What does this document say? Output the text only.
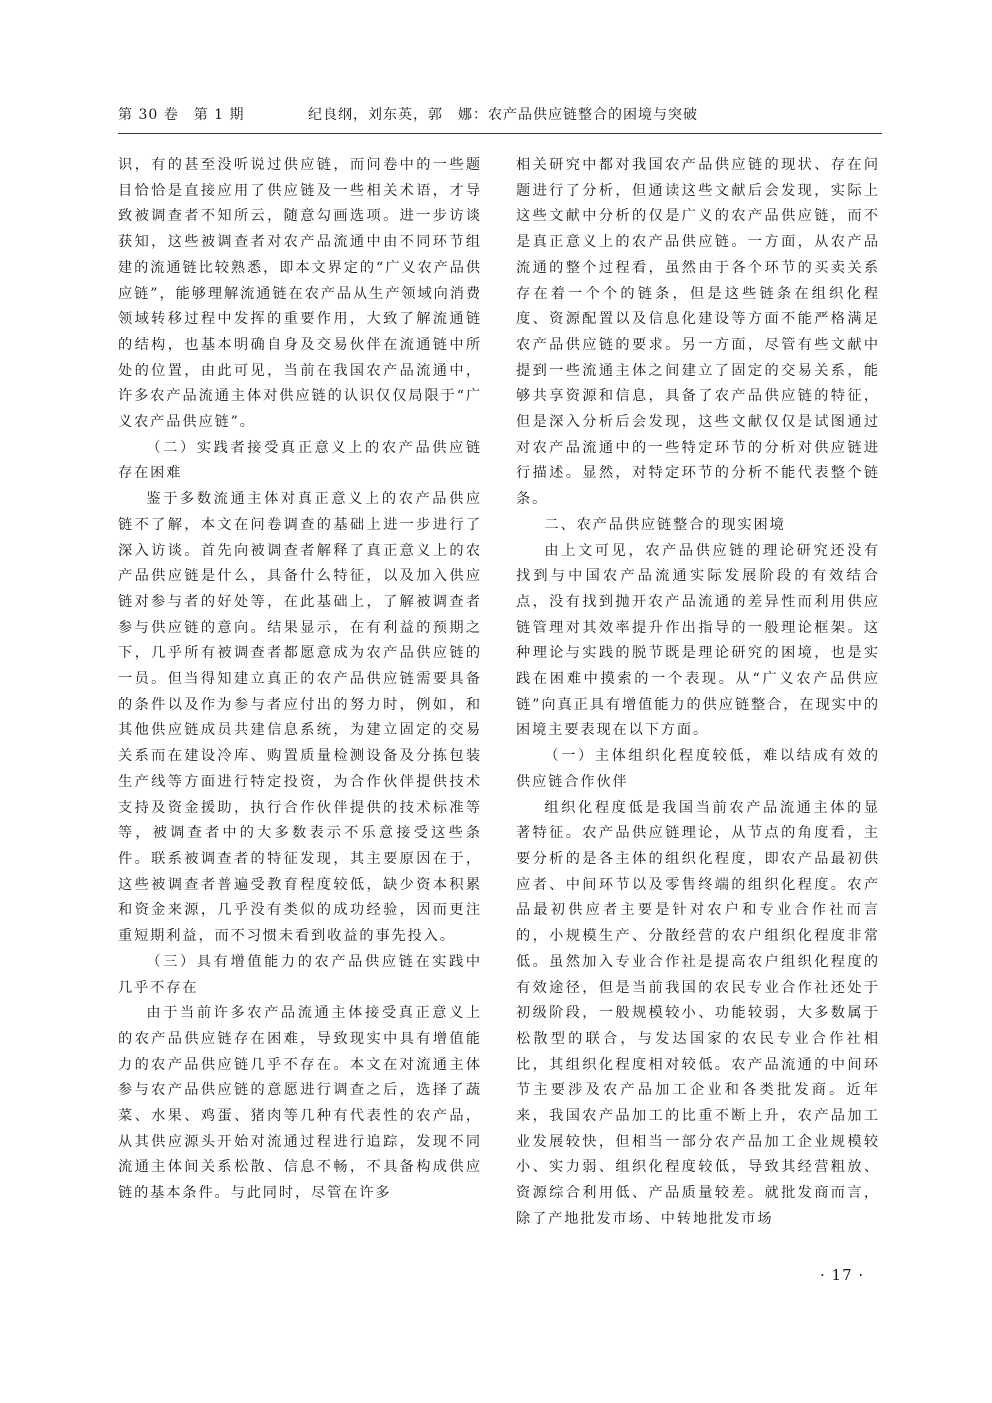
第 30 卷　第 1 期	纪良纲，刘东英，郭　娜：农产品供应链整合的困境与突破

识，有的甚至没听说过供应链，而问卷中的一些题目恰恰是直接应用了供应链及一些相关术语，才导致被调查者不知所云，随意勾画选项。进一步访谈获知，这些被调查者对农产品流通中由不同环节组建的流通链比较熟悉，即本文界定的“广义农产品供应链”，能够理解流通链在农产品从生产领域向消费领域转移过程中发挥的重要作用，大致了解流通链的结构，也基本明确自身及交易伙伴在流通链中所处的位置，由此可见，当前在我国农产品流通中，许多农产品流通主体对供应链的认识仅仅局限于“广义农产品供应链”。

（二）实践者接受真正意义上的农产品供应链存在困难

鉴于多数流通主体对真正意义上的农产品供应链不了解，本文在问卷调查的基础上进一步进行了深入访谈。首先向被调查者解释了真正意义上的农产品供应链是什么，具备什么特征，以及加入供应链对参与者的好处等，在此基础上，了解被调查者参与供应链的意向。结果显示，在有利益的预期之下，几乎所有被调查者都愿意成为农产品供应链的一员。但当得知建立真正的农产品供应链需要具备的条件以及作为参与者应付出的努力时，例如，和其他供应链成员共建信息系统，为建立固定的交易关系而在建设冷库、购置质量检测设备及分拣包装生产线等方面进行特定投资，为合作伙伴提供技术支持及资金援助，执行合作伙伴提供的技术标准等等，被调查者中的大多数表示不乐意接受这些条件。联系被调查者的特征发现，其主要原因在于，这些被调查者普遍受教育程度较低，缺少资本积累和资金来源，几乎没有类似的成功经验，因而更注重短期利益，而不习惯未看到收益的事先投入。

（三）具有增值能力的农产品供应链在实践中几乎不存在

由于当前许多农产品流通主体接受真正意义上的农产品供应链存在困难，导致现实中具有增值能力的农产品供应链几乎不存在。本文在对流通主体参与农产品供应链的意愿进行调查之后，选择了蔬菜、水果、鸡蛋、猪肉等几种有代表性的农产品，从其供应源头开始对流通过程进行追踪，发现不同流通主体间关系松散、信息不畅，不具备构成供应链的基本条件。与此同时，尽管在许多

相关研究中都对我国农产品供应链的现状、存在问题进行了分析，但通读这些文献后会发现，实际上这些文献中分析的仅是广义的农产品供应链，而不是真正意义上的农产品供应链。一方面，从农产品流通的整个过程看，虽然由于各个环节的买卖关系存在着一个个的链条，但是这些链条在组织化程度、资源配置以及信息化建设等方面不能严格满足农产品供应链的要求。另一方面，尽管有些文献中提到一些流通主体之间建立了固定的交易关系，能够共享资源和信息，具备了农产品供应链的特征，但是深入分析后会发现，这些文献仅仅是试图通过对农产品流通中的一些特定环节的分析对供应链进行描述。显然，对特定环节的分析不能代表整个链条。

二、农产品供应链整合的现实困境

由上文可见，农产品供应链的理论研究还没有找到与中国农产品流通实际发展阶段的有效结合点，没有找到抛开农产品流通的差异性而利用供应链管理对其效率提升作出指导的一般理论框架。这种理论与实践的脱节既是理论研究的困境，也是实践在困难中摸索的一个表现。从“广义农产品供应链”向真正具有增值能力的供应链整合，在现实中的困境主要表现在以下方面。

（一）主体组织化程度较低，难以结成有效的供应链合作伙伴

组织化程度低是我国当前农产品流通主体的显著特征。农产品供应链理论，从节点的角度看，主要分析的是各主体的组织化程度，即农产品最初供应者、中间环节以及零售终端的组织化程度。农产品最初供应者主要是针对农户和专业合作社而言的，小规模生产、分散经营的农户组织化程度非常低。虽然加入专业合作社是提高农户组织化程度的有效途径，但是当前我国的农民专业合作社还处于初级阶段，一般规模较小、功能较弱，大多数属于松散型的联合，与发达国家的农民专业合作社相比，其组织化程度相对较低。农产品流通的中间环节主要涉及农产品加工企业和各类批发商。近年来，我国农产品加工的比重不断上升，农产品加工业发展较快，但相当一部分农产品加工企业规模较小、实力弱、组织化程度较低，导致其经营粗放、资源综合利用低、产品质量较差。就批发商而言，除了产地批发市场、中转地批发市场

· 17 ·
